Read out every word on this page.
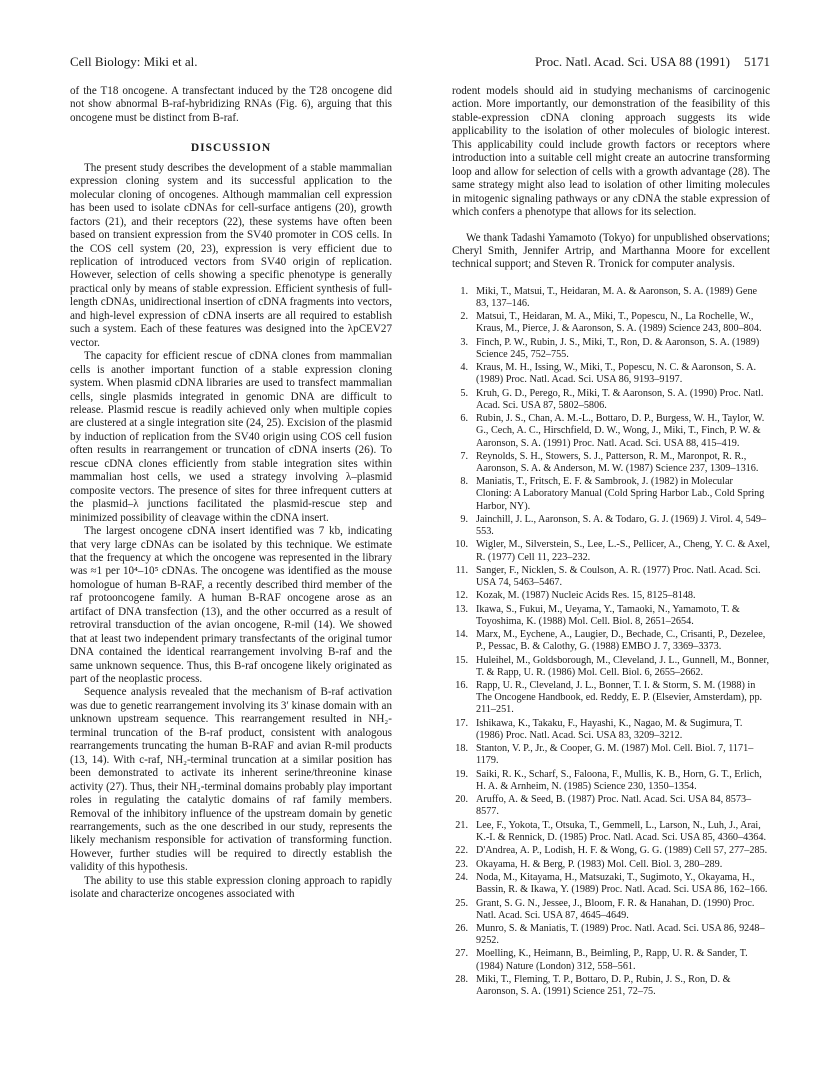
Cell Biology: Miki et al.	Proc. Natl. Acad. Sci. USA 88 (1991) 5171

of the T18 oncogene. A transfectant induced by the T28 oncogene did not show abnormal B-raf-hybridizing RNAs (Fig. 6), arguing that this oncogene must be distinct from B-raf.

DISCUSSION

The present study describes the development of a stable mammalian expression cloning system and its successful application to the molecular cloning of oncogenes. Although mammalian cell expression has been used to isolate cDNAs for cell-surface antigens (20), growth factors (21), and their receptors (22), these systems have often been based on transient expression from the SV40 promoter in COS cells. In the COS cell system (20, 23), expression is very efficient due to replication of introduced vectors from SV40 origin of replication. However, selection of cells showing a specific phenotype is generally practical only by means of stable expression. Efficient synthesis of full-length cDNAs, unidirectional insertion of cDNA fragments into vectors, and high-level expression of cDNA inserts are all required to establish such a system. Each of these features was designed into the λpCEV27 vector.

The capacity for efficient rescue of cDNA clones from mammalian cells is another important function of a stable expression cloning system. When plasmid cDNA libraries are used to transfect mammalian cells, single plasmids integrated in genomic DNA are difficult to release. Plasmid rescue is readily achieved only when multiple copies are clustered at a single integration site (24, 25). Excision of the plasmid by induction of replication from the SV40 origin using COS cell fusion often results in rearrangement or truncation of cDNA inserts (26). To rescue cDNA clones efficiently from stable integration sites within mammalian host cells, we used a strategy involving λ–plasmid composite vectors. The presence of sites for three infrequent cutters at the plasmid–λ junctions facilitated the plasmid-rescue step and minimized possibility of cleavage within the cDNA insert.

The largest oncogene cDNA insert identified was 7 kb, indicating that very large cDNAs can be isolated by this technique. We estimate that the frequency at which the oncogene was represented in the library was ≈1 per 10⁴–10⁵ cDNAs. The oncogene was identified as the mouse homologue of human B-RAF, a recently described third member of the raf protooncogene family. A human B-RAF oncogene arose as an artifact of DNA transfection (13), and the other occurred as a result of retroviral transduction of the avian oncogene, R-mil (14). We showed that at least two independent primary transfectants of the original tumor DNA contained the identical rearrangement involving B-raf and the same unknown sequence. Thus, this B-raf oncogene likely originated as part of the neoplastic process.

Sequence analysis revealed that the mechanism of B-raf activation was due to genetic rearrangement involving its 3′ kinase domain with an unknown upstream sequence. This rearrangement resulted in NH₂-terminal truncation of the B-raf product, consistent with analogous rearrangements truncating the human B-RAF and avian R-mil products (13, 14). With c-raf, NH₂-terminal truncation at a similar position has been demonstrated to activate its inherent serine/threonine kinase activity (27). Thus, their NH₂-terminal domains probably play important roles in regulating the catalytic domains of raf family members. Removal of the inhibitory influence of the upstream domain by genetic rearrangements, such as the one described in our study, represents the likely mechanism responsible for activation of transforming function. However, further studies will be required to directly establish the validity of this hypothesis.

The ability to use this stable expression cloning approach to rapidly isolate and characterize oncogenes associated with

rodent models should aid in studying mechanisms of carcinogenic action. More importantly, our demonstration of the feasibility of this stable-expression cDNA cloning approach suggests its wide applicability to the isolation of other molecules of biologic interest. This applicability could include growth factors or receptors where introduction into a suitable cell might create an autocrine transforming loop and allow for selection of cells with a growth advantage (28). The same strategy might also lead to isolation of other limiting molecules in mitogenic signaling pathways or any cDNA the stable expression of which confers a phenotype that allows for its selection.

We thank Tadashi Yamamoto (Tokyo) for unpublished observations; Cheryl Smith, Jennifer Artrip, and Marthanna Moore for excellent technical support; and Steven R. Tronick for computer analysis.

1. Miki, T., Matsui, T., Heidaran, M. A. & Aaronson, S. A. (1989) Gene 83, 137–146.
2. Matsui, T., Heidaran, M. A., Miki, T., Popescu, N., La Rochelle, W., Kraus, M., Pierce, J. & Aaronson, S. A. (1989) Science 243, 800–804.
3. Finch, P. W., Rubin, J. S., Miki, T., Ron, D. & Aaronson, S. A. (1989) Science 245, 752–755.
4. Kraus, M. H., Issing, W., Miki, T., Popescu, N. C. & Aaronson, S. A. (1989) Proc. Natl. Acad. Sci. USA 86, 9193–9197.
5. Kruh, G. D., Perego, R., Miki, T. & Aaronson, S. A. (1990) Proc. Natl. Acad. Sci. USA 87, 5802–5806.
6. Rubin, J. S., Chan, A. M.-L., Bottaro, D. P., Burgess, W. H., Taylor, W. G., Cech, A. C., Hirschfield, D. W., Wong, J., Miki, T., Finch, P. W. & Aaronson, S. A. (1991) Proc. Natl. Acad. Sci. USA 88, 415–419.
7. Reynolds, S. H., Stowers, S. J., Patterson, R. M., Maronpot, R. R., Aaronson, S. A. & Anderson, M. W. (1987) Science 237, 1309–1316.
8. Maniatis, T., Fritsch, E. F. & Sambrook, J. (1982) in Molecular Cloning: A Laboratory Manual (Cold Spring Harbor Lab., Cold Spring Harbor, NY).
9. Jainchill, J. L., Aaronson, S. A. & Todaro, G. J. (1969) J. Virol. 4, 549–553.
10. Wigler, M., Silverstein, S., Lee, L.-S., Pellicer, A., Cheng, Y. C. & Axel, R. (1977) Cell 11, 223–232.
11. Sanger, F., Nicklen, S. & Coulson, A. R. (1977) Proc. Natl. Acad. Sci. USA 74, 5463–5467.
12. Kozak, M. (1987) Nucleic Acids Res. 15, 8125–8148.
13. Ikawa, S., Fukui, M., Ueyama, Y., Tamaoki, N., Yamamoto, T. & Toyoshima, K. (1988) Mol. Cell. Biol. 8, 2651–2654.
14. Marx, M., Eychene, A., Laugier, D., Bechade, C., Crisanti, P., Dezelee, P., Pessac, B. & Calothy, G. (1988) EMBO J. 7, 3369–3373.
15. Huleihel, M., Goldsborough, M., Cleveland, J. L., Gunnell, M., Bonner, T. & Rapp, U. R. (1986) Mol. Cell. Biol. 6, 2655–2662.
16. Rapp, U. R., Cleveland, J. L., Bonner, T. I. & Storm, S. M. (1988) in The Oncogene Handbook, ed. Reddy, E. P. (Elsevier, Amsterdam), pp. 211–251.
17. Ishikawa, K., Takaku, F., Hayashi, K., Nagao, M. & Sugimura, T. (1986) Proc. Natl. Acad. Sci. USA 83, 3209–3212.
18. Stanton, V. P., Jr., & Cooper, G. M. (1987) Mol. Cell. Biol. 7, 1171–1179.
19. Saiki, R. K., Scharf, S., Faloona, F., Mullis, K. B., Horn, G. T., Erlich, H. A. & Arnheim, N. (1985) Science 230, 1350–1354.
20. Aruffo, A. & Seed, B. (1987) Proc. Natl. Acad. Sci. USA 84, 8573–8577.
21. Lee, F., Yokota, T., Otsuka, T., Gemmell, L., Larson, N., Luh, J., Arai, K.-I. & Rennick, D. (1985) Proc. Natl. Acad. Sci. USA 85, 4360–4364.
22. D'Andrea, A. P., Lodish, H. F. & Wong, G. G. (1989) Cell 57, 277–285.
23. Okayama, H. & Berg, P. (1983) Mol. Cell. Biol. 3, 280–289.
24. Noda, M., Kitayama, H., Matsuzaki, T., Sugimoto, Y., Okayama, H., Bassin, R. & Ikawa, Y. (1989) Proc. Natl. Acad. Sci. USA 86, 162–166.
25. Grant, S. G. N., Jessee, J., Bloom, F. R. & Hanahan, D. (1990) Proc. Natl. Acad. Sci. USA 87, 4645–4649.
26. Munro, S. & Maniatis, T. (1989) Proc. Natl. Acad. Sci. USA 86, 9248–9252.
27. Moelling, K., Heimann, B., Beimling, P., Rapp, U. R. & Sander, T. (1984) Nature (London) 312, 558–561.
28. Miki, T., Fleming, T. P., Bottaro, D. P., Rubin, J. S., Ron, D. & Aaronson, S. A. (1991) Science 251, 72–75.
